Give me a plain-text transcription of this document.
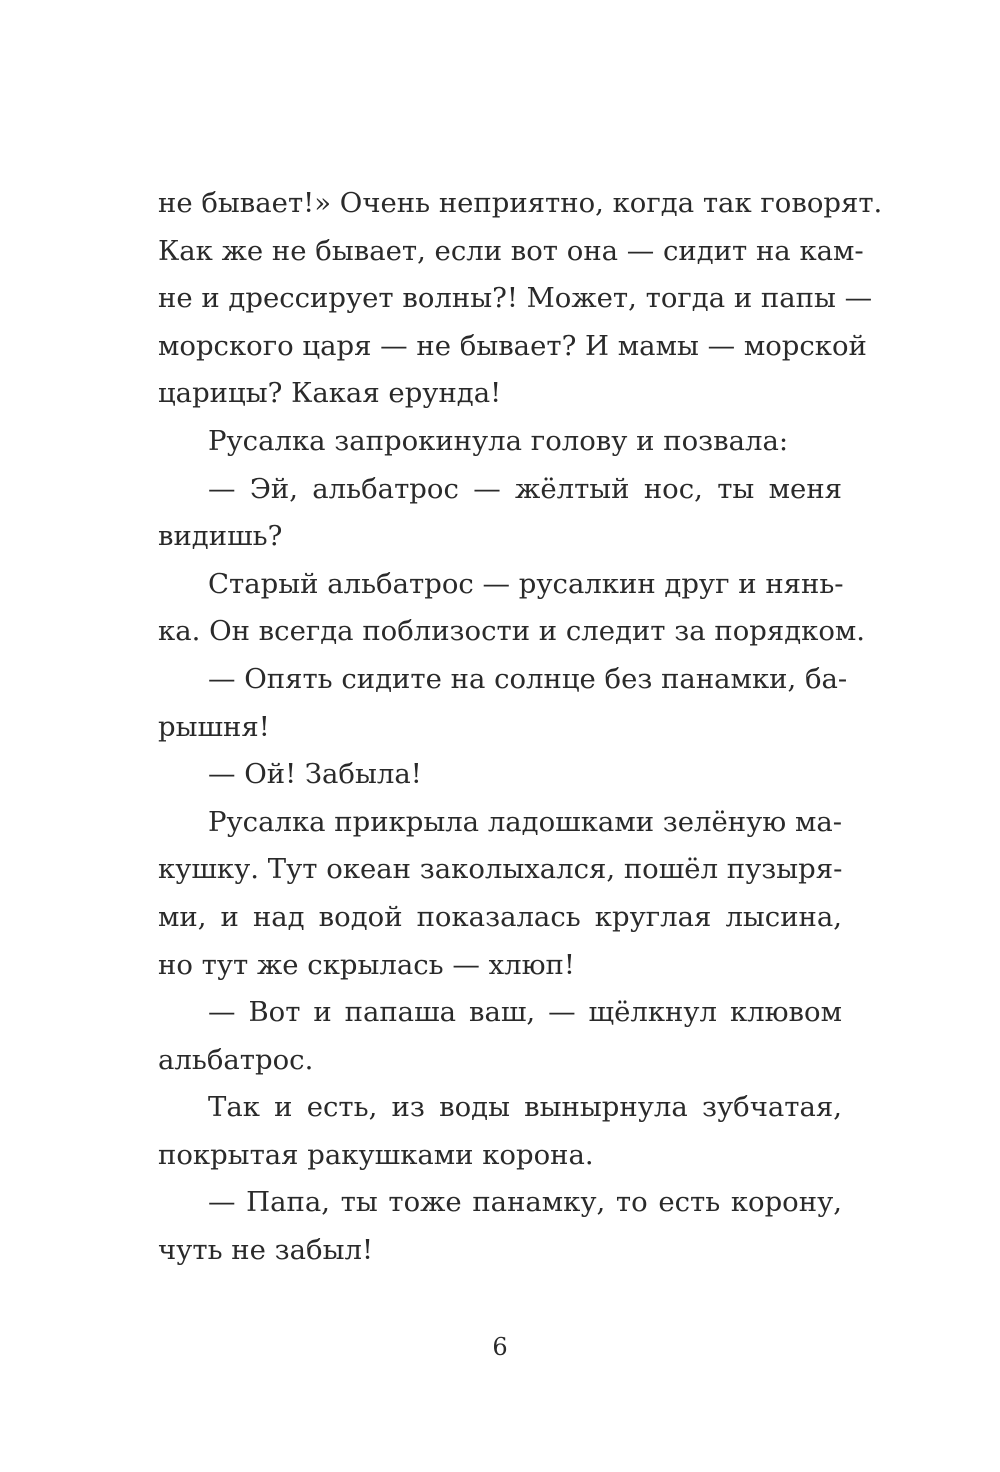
не бывает!» Очень неприятно, когда так говорят.
Как же не бывает, если вот она — сидит на кам-
не и дрессирует волны?! Может, тогда и папы —
морского царя — не бывает? И мамы — морской
царицы? Какая ерунда!
Русалка запрокинула голову и позвала:
— Эй, альбатрос — жёлтый нос, ты меня
видишь?
Старый альбатрос — русалкин друг и нянь-
ка. Он всегда поблизости и следит за порядком.
— Опять сидите на солнце без панамки, ба-
рышня!
— Ой! Забыла!
Русалка прикрыла ладошками зелёную ма-
кушку. Тут океан заколыхался, пошёл пузыря-
ми, и над водой показалась круглая лысина,
но тут же скрылась — хлюп!
— Вот и папаша ваш, — щёлкнул клювом
альбатрос.
Так и есть, из воды вынырнула зубчатая,
покрытая ракушками корона.
— Папа, ты тоже панамку, то есть корону,
чуть не забыл!
6
